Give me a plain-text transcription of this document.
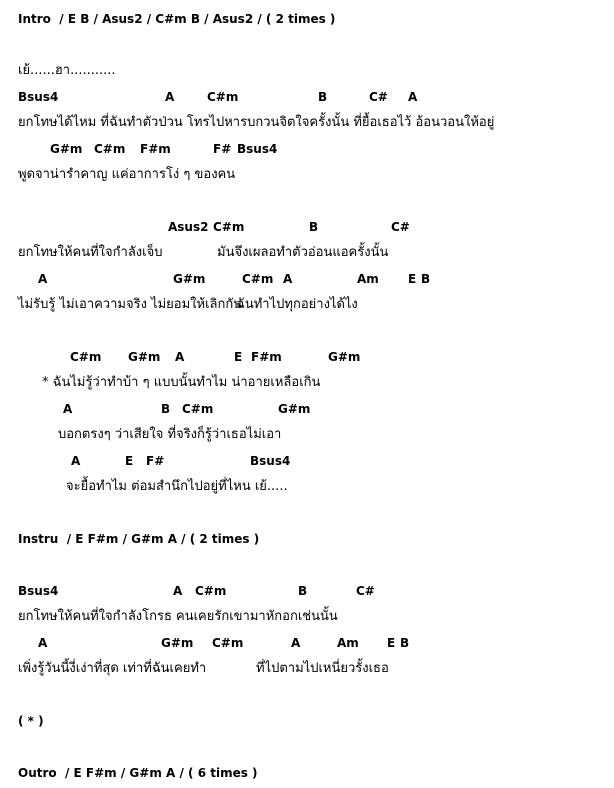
Intro  / E B / Asus2 / C#m B / Asus2 / ( 2 times )
เย้......ฮา...........

Bsus4

	A

	C#m

	B

	C#

A

ยกโทษได้ไหม ที่ฉันทำตัวป่วน โทรไปหารบกวนจิตใจครั้งนั้น ที่ยื้อเธอไว้ อ้อนวอนให้อยู่

G#m

C#m

F#m

	F#

Bsus4

พูดจาน่ารำคาญ แค่อาการโง่ ๆ ของคน

Asus2

C#m

	B

	C#

ยกโทษให้คนที่ใจกำลังเจ็บ	มันจึงเผลอทำตัวอ่อนแอครั้งนั้น

A

	G#m

	C#m

A

	Am

E

B

ไม่รับรู้ ไม่เอาความจริง ไม่ยอมให้เลิกกัน
ฉันทำไปทุกอย่างได้ไง

C#m

G#m

A

	E

F#m

	G#m

* ฉันไม่รู้ว่าทำบ้า ๆ แบบนั้นทำไม น่าอายเหลือเกิน

A

	B

C#m

	G#m

บอกตรงๆ ว่าเสียใจ ที่จริงก็รู้ว่าเธอไม่เอา

A

	E

F#

	Bsus4

จะยื้อทำไม ต่อมสำนึกไปอยู่ที่ไหน เย้.....
Instru  / E F#m / G#m A / ( 2 times )

Bsus4

	A

C#m

	B

	C#

ยกโทษให้คนที่ใจกำลังโกรธ คนเคยรักเขามาหักอกเช่นนั้น

A

	G#m

C#m

	A

	Am

E

B

เพิ่งรู้วันนี้งี่เง่าที่สุด เท่าที่ฉันเคยทำ	ที่ไปตามไปเหนี่ยวรั้งเธอ
( * )
Outro  / E F#m / G#m A / ( 6 times )
